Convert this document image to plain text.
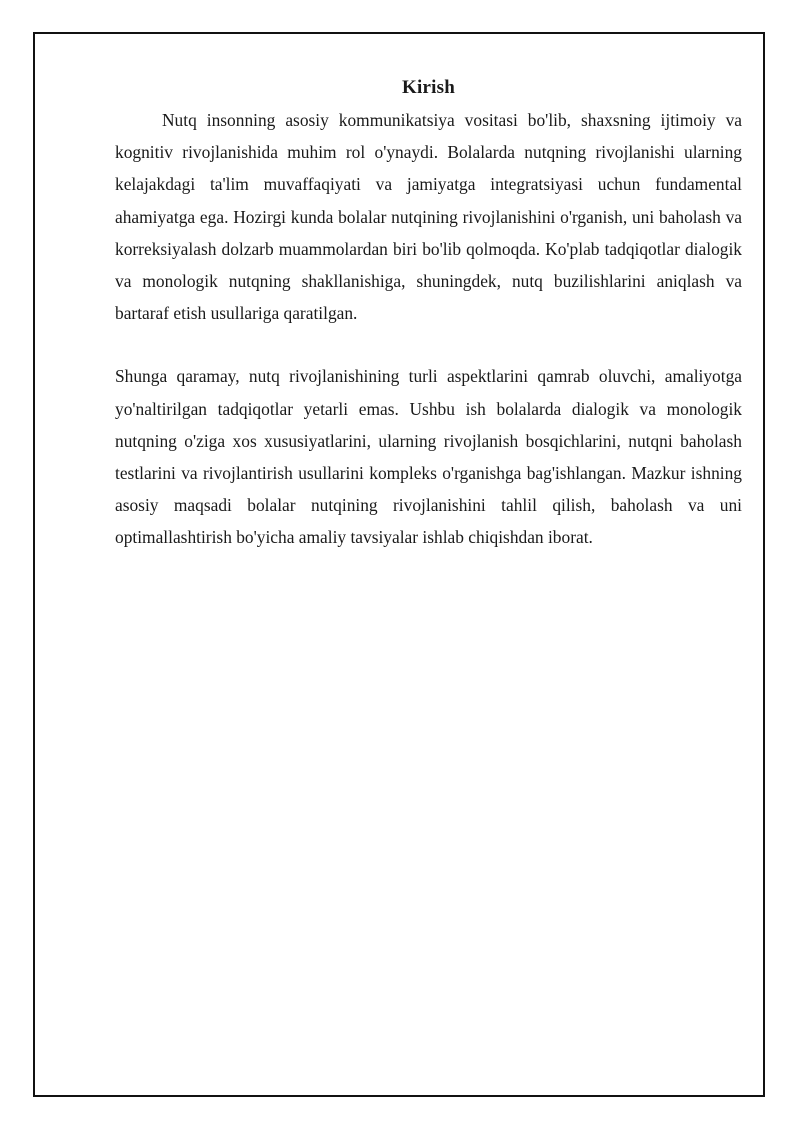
Kirish

Nutq insonning asosiy kommunikatsiya vositasi bo'lib, shaxsning ijtimoiy va kognitiv rivojlanishida muhim rol o'ynaydi. Bolalarda nutqning rivojlanishi ularning kelajakdagi ta'lim muvaffaqiyati va jamiyatga integratsiyasi uchun fundamental ahamiyatga ega. Hozirgi kunda bolalar nutqining rivojlanishini o'rganish, uni baholash va korreksiyalash dolzarb muammolardan biri bo'lib qolmoqda. Ko'plab tadqiqotlar dialogik va monologik nutqning shakllanishiga, shuningdek, nutq buzilishlarini aniqlash va bartaraf etish usullariga qaratilgan.

Shunga qaramay, nutq rivojlanishining turli aspektlarini qamrab oluvchi, amaliyotga yo'naltirilgan tadqiqotlar yetarli emas. Ushbu ish bolalarda dialogik va monologik nutqning o'ziga xos xususiyatlarini, ularning rivojlanish bosqichlarini, nutqni baholash testlarini va rivojlantirish usullarini kompleks o'rganishga bag'ishlangan. Mazkur ishning asosiy maqsadi bolalar nutqining rivojlanishini tahlil qilish, baholash va uni optimallashtirish bo'yicha amaliy tavsiyalar ishlab chiqishdan iborat.
